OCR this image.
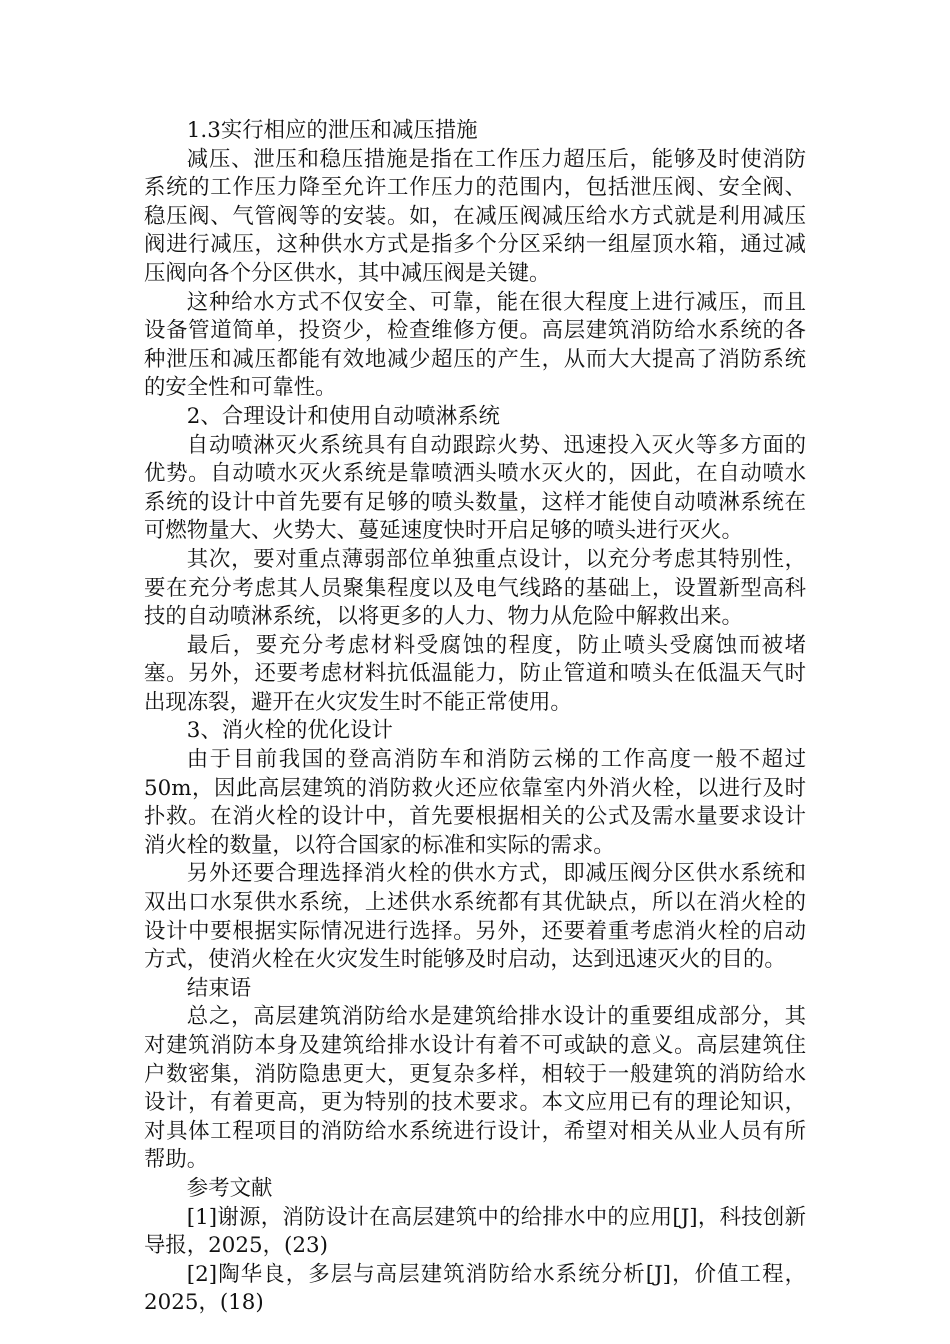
1.3实行相应的泄压和减压措施

减压、泄压和稳压措施是指在工作压力超压后，能够及时使消防系统的工作压力降至允许工作压力的范围内，包括泄压阀、安全阀、稳压阀、气管阀等的安装。如，在减压阀减压给水方式就是利用减压阀进行减压，这种供水方式是指多个分区采纳一组屋顶水箱，通过减压阀向各个分区供水，其中减压阀是关键。

这种给水方式不仅安全、可靠，能在很大程度上进行减压，而且设备管道简单，投资少，检查维修方便。高层建筑消防给水系统的各种泄压和减压都能有效地减少超压的产生，从而大大提高了消防系统的安全性和可靠性。

2、合理设计和使用自动喷淋系统

自动喷淋灭火系统具有自动跟踪火势、迅速投入灭火等多方面的优势。自动喷水灭火系统是靠喷洒头喷水灭火的，因此，在自动喷水系统的设计中首先要有足够的喷头数量，这样才能使自动喷淋系统在可燃物量大、火势大、蔓延速度快时开启足够的喷头进行灭火。

其次，要对重点薄弱部位单独重点设计，以充分考虑其特别性，要在充分考虑其人员聚集程度以及电气线路的基础上，设置新型高科技的自动喷淋系统，以将更多的人力、物力从危险中解救出来。

最后，要充分考虑材料受腐蚀的程度，防止喷头受腐蚀而被堵塞。另外，还要考虑材料抗低温能力，防止管道和喷头在低温天气时出现冻裂，避开在火灾发生时不能正常使用。

3、消火栓的优化设计

由于目前我国的登高消防车和消防云梯的工作高度一般不超过50m，因此高层建筑的消防救火还应依靠室内外消火栓，以进行及时扑救。在消火栓的设计中，首先要根据相关的公式及需水量要求设计消火栓的数量，以符合国家的标准和实际的需求。

另外还要合理选择消火栓的供水方式，即减压阀分区供水系统和双出口水泵供水系统，上述供水系统都有其优缺点，所以在消火栓的设计中要根据实际情况进行选择。另外，还要着重考虑消火栓的启动方式，使消火栓在火灾发生时能够及时启动，达到迅速灭火的目的。

结束语

总之，高层建筑消防给水是建筑给排水设计的重要组成部分，其对建筑消防本身及建筑给排水设计有着不可或缺的意义。高层建筑住户数密集，消防隐患更大，更复杂多样，相较于一般建筑的消防给水设计，有着更高，更为特别的技术要求。本文应用已有的理论知识，对具体工程项目的消防给水系统进行设计，希望对相关从业人员有所帮助。

参考文献

[1]谢源，消防设计在高层建筑中的给排水中的应用[J]，科技创新导报，2025，(23)

[2]陶华良，多层与高层建筑消防给水系统分析[J]，价值工程，2025，(18)
